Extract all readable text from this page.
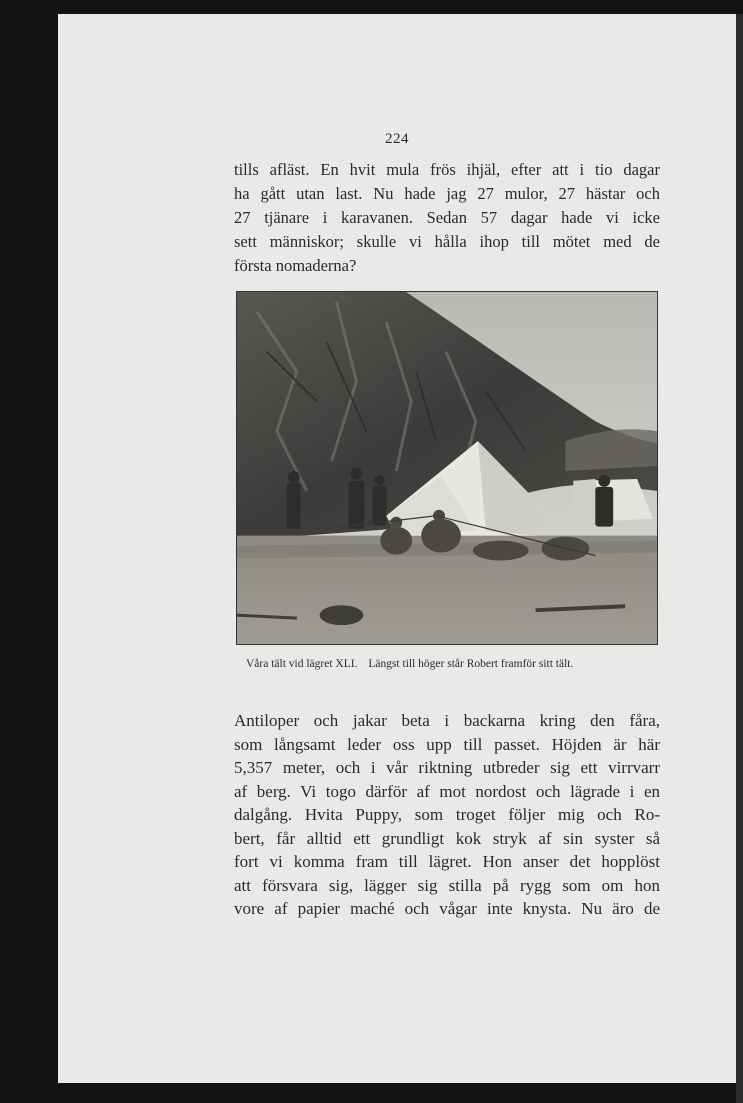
224
tills afläst. En hvit mula frös ihjäl, efter att i tio dagar
ha gått utan last. Nu hade jag 27 mulor, 27 hästar och
27 tjänare i karavanen. Sedan 57 dagar hade vi icke
sett människor; skulle vi hålla ihop till mötet med de
första nomaderna?
Våra tält vid lägret XLI. Längst till höger står Robert framför sitt tält.
Antiloper och jakar beta i backarna kring den fåra,
som långsamt leder oss upp till passet. Höjden är här
5,357 meter, och i vår riktning utbreder sig ett virrvarr
af berg. Vi togo därför af mot nordost och lägrade i en
dalgång. Hvita Puppy, som troget följer mig och Ro-
bert, får alltid ett grundligt kok stryk af sin syster så
fort vi komma fram till lägret. Hon anser det hopplöst
att försvara sig, lägger sig stilla på rygg som om hon
vore af papier maché och vågar inte knysta. Nu äro de
